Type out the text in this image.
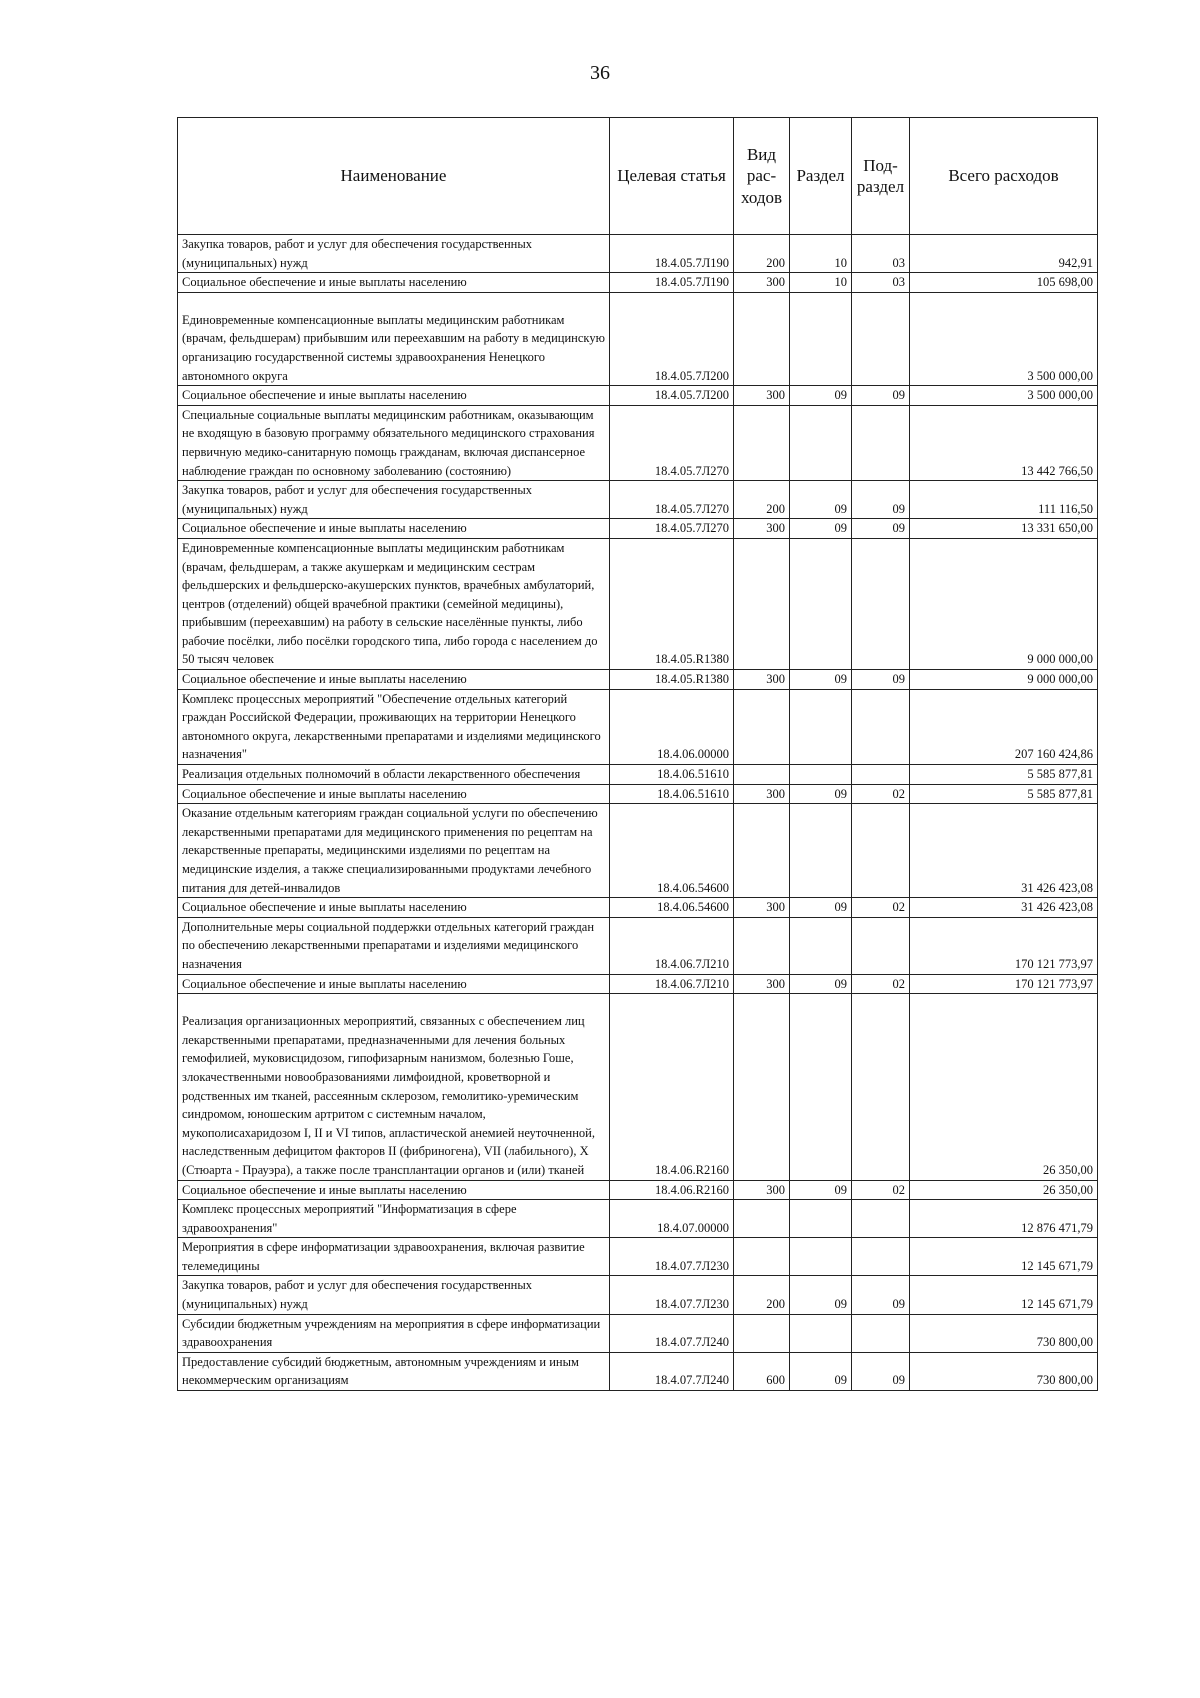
36
Наименование	Целевая статья	Вид рас-ходов	Раздел	Под-раздел	Всего расходов
Закупка товаров, работ и услуг для обеспечения государственных (муниципальных) нужд	18.4.05.7Л190	200	10	03	942,91
Социальное обеспечение и иные выплаты населению	18.4.05.7Л190	300	10	03	105 698,00
Единовременные компенсационные выплаты медицинским работникам (врачам, фельдшерам) прибывшим или переехавшим на работу в медицинскую организацию государственной системы здравоохранения Ненецкого автономного округа	18.4.05.7Л200				3 500 000,00
Социальное обеспечение и иные выплаты населению	18.4.05.7Л200	300	09	09	3 500 000,00
Специальные социальные выплаты медицинским работникам, оказывающим не входящую в базовую программу обязательного медицинского страхования первичную медико-санитарную помощь гражданам, включая диспансерное наблюдение граждан по основному заболеванию (состоянию)	18.4.05.7Л270				13 442 766,50
Закупка товаров, работ и услуг для обеспечения государственных (муниципальных) нужд	18.4.05.7Л270	200	09	09	111 116,50
Социальное обеспечение и иные выплаты населению	18.4.05.7Л270	300	09	09	13 331 650,00
Единовременные компенсационные выплаты медицинским работникам (врачам, фельдшерам, а также акушеркам и медицинским сестрам фельдшерских и фельдшерско-акушерских пунктов, врачебных амбулаторий, центров (отделений) общей врачебной практики (семейной медицины), прибывшим (переехавшим) на работу в сельские населённые пункты, либо рабочие посёлки, либо посёлки городского типа, либо города с населением до 50 тысяч человек	18.4.05.R1380				9 000 000,00
Социальное обеспечение и иные выплаты населению	18.4.05.R1380	300	09	09	9 000 000,00
Комплекс процессных мероприятий "Обеспечение отдельных категорий граждан Российской Федерации, проживающих на территории Ненецкого автономного округа, лекарственными препаратами и изделиями медицинского назначения"	18.4.06.00000				207 160 424,86
Реализация отдельных полномочий в области лекарственного обеспечения	18.4.06.51610				5 585 877,81
Социальное обеспечение и иные выплаты населению	18.4.06.51610	300	09	02	5 585 877,81
Оказание отдельным категориям граждан социальной услуги по обеспечению лекарственными препаратами для медицинского применения по рецептам на лекарственные препараты, медицинскими изделиями по рецептам на медицинские изделия, а также специализированными продуктами лечебного питания для детей-инвалидов	18.4.06.54600				31 426 423,08
Социальное обеспечение и иные выплаты населению	18.4.06.54600	300	09	02	31 426 423,08
Дополнительные меры социальной поддержки отдельных категорий граждан по обеспечению лекарственными препаратами и изделиями медицинского назначения	18.4.06.7Л210				170 121 773,97
Социальное обеспечение и иные выплаты населению	18.4.06.7Л210	300	09	02	170 121 773,97
Реализация организационных мероприятий, связанных с обеспечением лиц лекарственными препаратами, предназначенными для лечения больных гемофилией, муковисцидозом, гипофизарным нанизмом, болезнью Гоше, злокачественными новообразованиями лимфоидной, кроветворной и родственных им тканей, рассеянным склерозом, гемолитико-уремическим синдромом, юношеским артритом с системным началом, мукополисахаридозом I, II и VI типов, апластической анемией неуточненной, наследственным дефицитом факторов II (фибриногена), VII (лабильного), X (Стюарта - Прауэра), а также после трансплантации органов и (или) тканей	18.4.06.R2160				26 350,00
Социальное обеспечение и иные выплаты населению	18.4.06.R2160	300	09	02	26 350,00
Комплекс процессных мероприятий "Информатизация в сфере здравоохранения"	18.4.07.00000				12 876 471,79
Мероприятия в сфере информатизации здравоохранения, включая развитие телемедицины	18.4.07.7Л230				12 145 671,79
Закупка товаров, работ и услуг для обеспечения государственных (муниципальных) нужд	18.4.07.7Л230	200	09	09	12 145 671,79
Субсидии бюджетным учреждениям на мероприятия в сфере информатизации здравоохранения	18.4.07.7Л240				730 800,00
Предоставление субсидий бюджетным, автономным учреждениям и иным некоммерческим организациям	18.4.07.7Л240	600	09	09	730 800,00
